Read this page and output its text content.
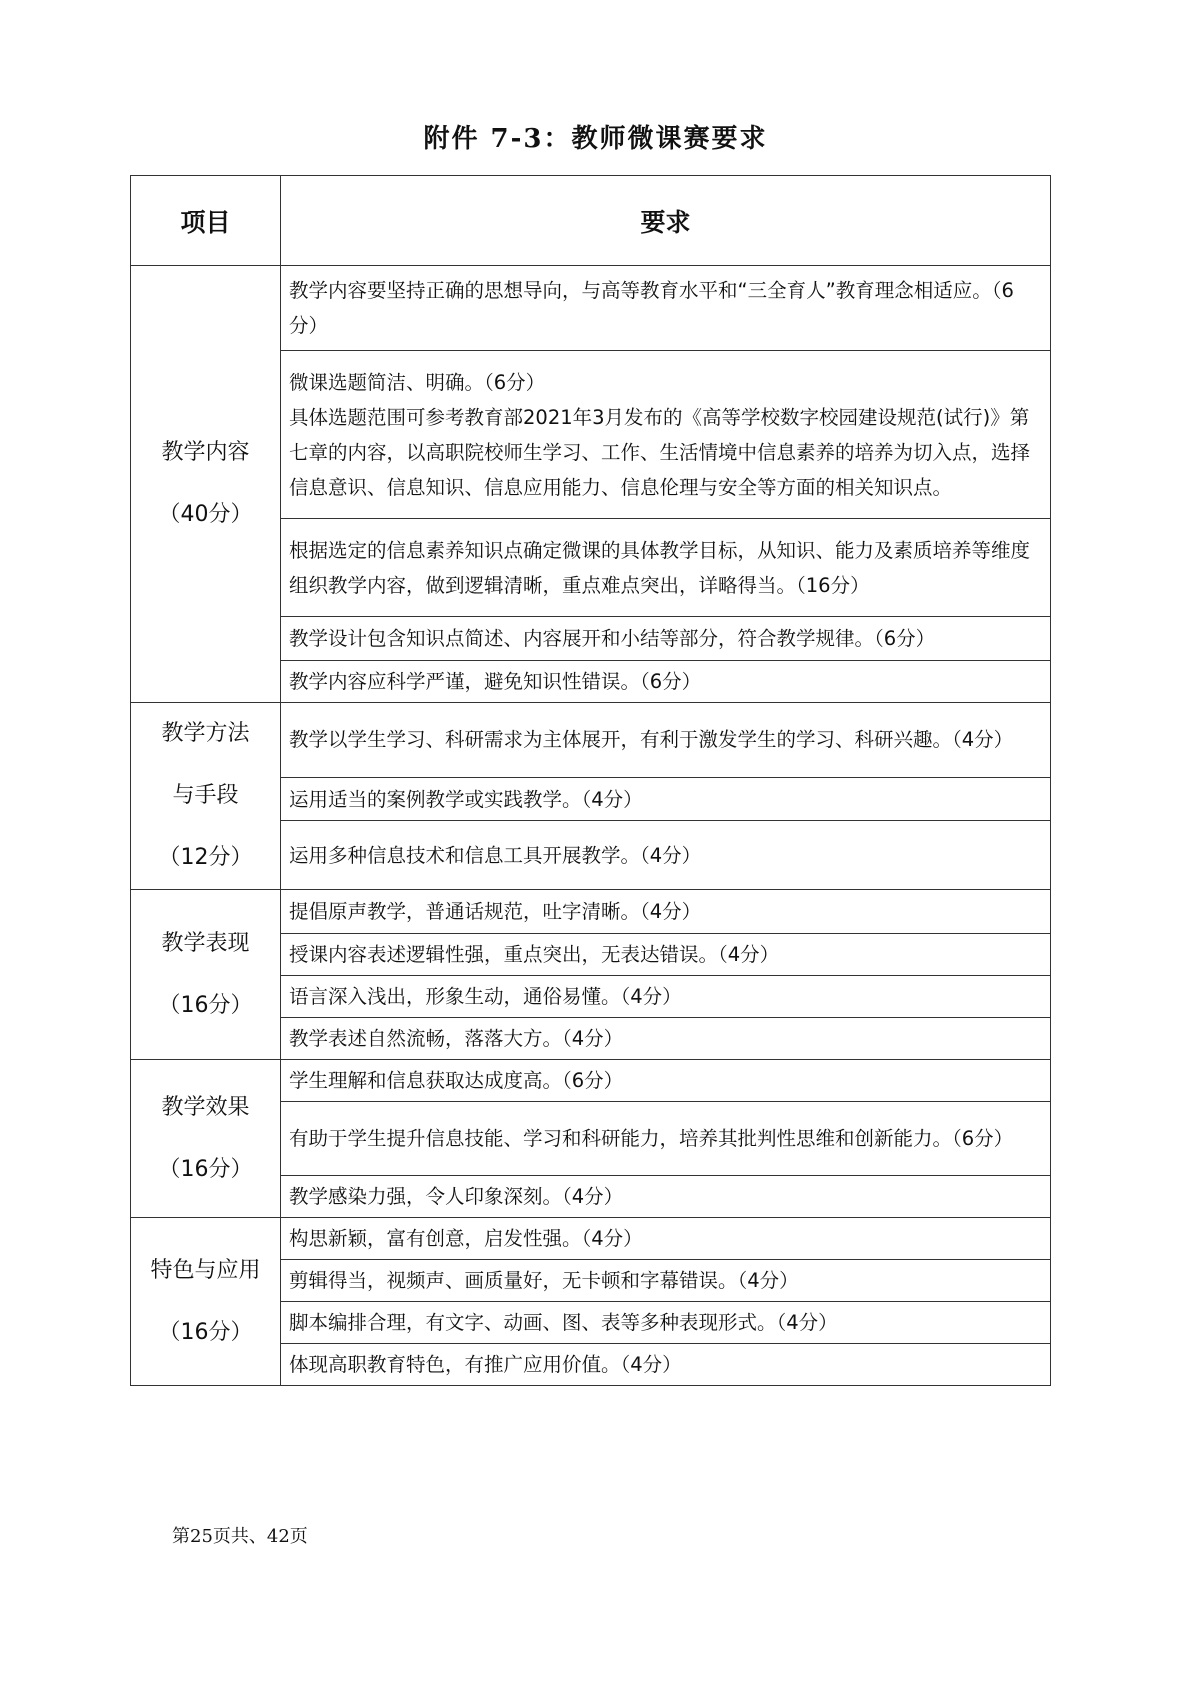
附件 7-3：教师微课赛要求
项目	要求

教学内容
（40分）	教学内容要坚持正确的思想导向，与高等教育水平和“三全育人”教育理念相适应。（6分）

	微课选题简洁、明确。（6分）
具体选题范围可参考教育部2021年3月发布的《高等学校数字校园建设规范(试行)》第七章的内容，以高职院校师生学习、工作、生活情境中信息素养的培养为切入点，选择信息意识、信息知识、信息应用能力、信息伦理与安全等方面的相关知识点。

	根据选定的信息素养知识点确定微课的具体教学目标，从知识、能力及素质培养等维度组织教学内容，做到逻辑清晰，重点难点突出，详略得当。（16分）

	教学设计包含知识点简述、内容展开和小结等部分，符合教学规律。（6分）

	教学内容应科学严谨，避免知识性错误。（6分）

教学方法
与手段
（12分）	教学以学生学习、科研需求为主体展开，有利于激发学生的学习、科研兴趣。（4分）

	运用适当的案例教学或实践教学。（4分）

	运用多种信息技术和信息工具开展教学。（4分）

教学表现
（16分）	提倡原声教学，普通话规范，吐字清晰。（4分）

	授课内容表述逻辑性强，重点突出，无表达错误。（4分）

	语言深入浅出，形象生动，通俗易懂。（4分）

	教学表述自然流畅，落落大方。（4分）

教学效果
（16分）	学生理解和信息获取达成度高。（6分）

	有助于学生提升信息技能、学习和科研能力，培养其批判性思维和创新能力。（6分）

	教学感染力强，令人印象深刻。（4分）

特色与应用
（16分）	构思新颖，富有创意，启发性强。（4分）

	剪辑得当，视频声、画质量好，无卡顿和字幕错误。（4分）

	脚本编排合理，有文字、动画、图、表等多种表现形式。（4分）

	体现高职教育特色，有推广应用价值。（4分）
第25页共、42页
